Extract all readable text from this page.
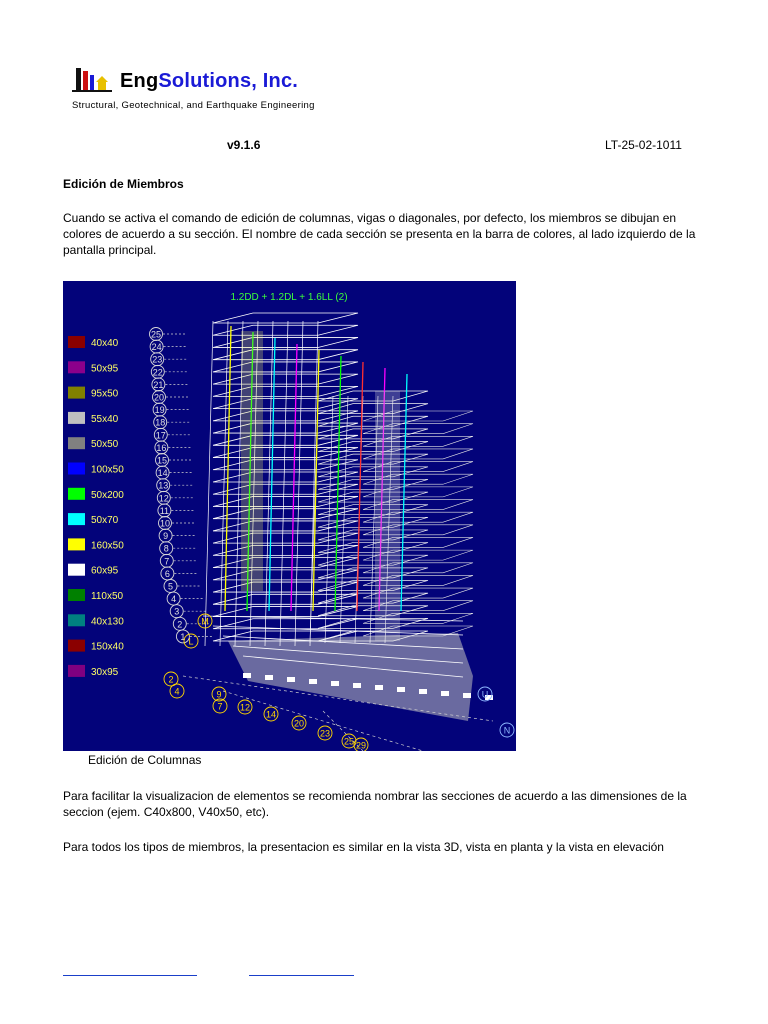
EngSolutions, Inc.
Structural, Geotechnical, and Earthquake Engineering
v9.1.6	LT-25-02-1011
Edición de Miembros

Cuando se activa el comando de edición de columnas, vigas o diagonales, por defecto, los miembros se dibujan en colores de acuerdo a su sección. El nombre de cada sección se presenta en la barra de colores, al lado izquierdo de la pantalla principal.

1.2DD + 1.2DL + 1.6LL (2)
40x40
50x95
95x50
55x40
50x50
100x50
50x200
50x70
160x50
60x95
110x50
40x130
150x40
30x95
25
24
23
22
21
20
19
18
17
16
15
14
13
12
11
10
9
8
7
6
5
4
3
2
1
2
4	9
7 12
14
20
23
25 29
U
N
M
L
Edición de Columnas

Para facilitar la visualizacion de elementos se recomienda nombrar las secciones de acuerdo a las dimensiones de la seccion (ejem. C40x800, V40x50, etc).

Para todos los tipos de miembros, la presentacion es similar en la vista 3D, vista en planta y la vista en elevación
